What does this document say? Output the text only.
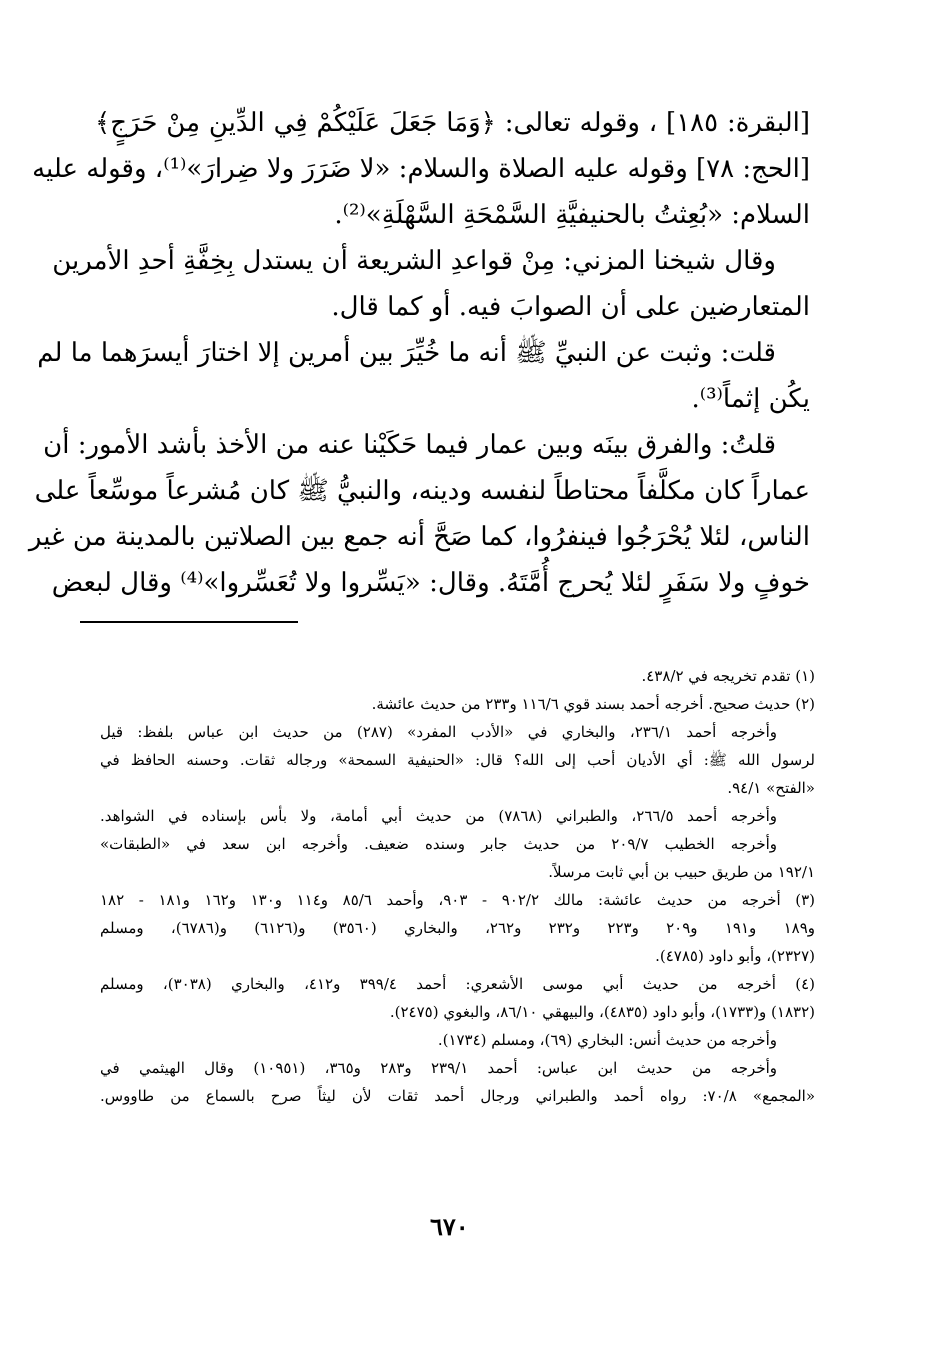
[البقرة: ١٨٥] ، وقوله تعالى: ﴿وَمَا جَعَلَ عَلَيْكُمْ فِي الدِّينِ مِنْ حَرَجٍ﴾
[الحج: ٧٨] وقوله عليه الصلاة والسلام: «لا ضَرَرَ ولا ضِرارَ»⁽¹⁾، وقوله عليه
السلام: «بُعِثتُ بالحنيفيَّةِ السَّمْحَةِ السَّهْلَةِ»⁽²⁾.
وقال شيخنا المزني: مِنْ قواعدِ الشريعة أن يستدل بِخِفَّةِ أحدِ الأمرين
المتعارضين على أن الصوابَ فيه. أو كما قال.
قلت: وثبت عن النبيِّ ﷺ أنه ما خُيِّرَ بين أمرين إلا اختارَ أيسرَهما ما لم
يكُن إثماً⁽³⁾.
قلتُ: والفرق بينَه وبين عمار فيما حَكَيْنا عنه من الأخذ بأشد الأمور: أن
عماراً كان مكلَّفاً محتاطاً لنفسه ودينه، والنبيُّ ﷺ كان مُشرعاً موسِّعاً على
الناس، لئلا يُحْرَجُوا فينفرُوا، كما صَحَّ أنه جمع بين الصلاتين بالمدينة من غير
خوفٍ ولا سَفَرٍ لئلا يُحرج أُمَّتَهُ. وقال: «يَسِّروا ولا تُعَسِّروا»⁽⁴⁾ وقال لبعض
(١) تقدم تخريجه في ٤٣٨/٢.
(٢) حديث صحيح. أخرجه أحمد بسند قوي ١١٦/٦ و٢٣٣ من حديث عائشة.
وأخرجه أحمد ٢٣٦/١، والبخاري في «الأدب المفرد» (٢٨٧) من حديث ابن عباس بلفظ: قيل
لرسول الله ﷺ: أي الأديان أحب إلى الله؟ قال: «الحنيفية السمحة» ورجاله ثقات. وحسنه الحافظ في
«الفتح» ٩٤/١.
وأخرجه أحمد ٢٦٦/٥، والطبراني (٧٨٦٨) من حديث أبي أمامة، ولا بأس بإسناده في الشواهد.
وأخرجه الخطيب ٢٠٩/٧ من حديث جابر وسنده ضعيف. وأخرجه ابن سعد في «الطبقات»
١٩٢/١ من طريق حبيب بن أبي ثابت مرسلاً.
(٣) أخرجه من حديث عائشة: مالك ٩٠٢/٢ - ٩٠٣، وأحمد ٨٥/٦ و١١٤ و١٣٠ و١٦٢ و١٨١ - ١٨٢
و١٨٩ و١٩١ و٢٠٩ و٢٢٣ و٢٣٢ و٢٦٢، والبخاري (٣٥٦٠) و(٦١٢٦) و(٦٧٨٦)، ومسلم
(٢٣٢٧)، وأبو داود (٤٧٨٥).
(٤) أخرجه من حديث أبي موسى الأشعري: أحمد ٣٩٩/٤ و٤١٢، والبخاري (٣٠٣٨)، ومسلم
(١٨٣٢) و(١٧٣٣)، وأبو داود (٤٨٣٥)، والبيهقي ٨٦/١٠، والبغوي (٢٤٧٥).
وأخرجه من حديث أنس: البخاري (٦٩)، ومسلم (١٧٣٤).
وأخرجه من حديث ابن عباس: أحمد ٢٣٩/١ و٢٨٣ و٣٦٥، (١٠٩٥١) وقال الهيثمي في
«المجمع» ٧٠/٨: رواه أحمد والطبراني ورجال أحمد ثقات لأن ليثاً صرح بالسماع من طاووس.
٦٧٠
